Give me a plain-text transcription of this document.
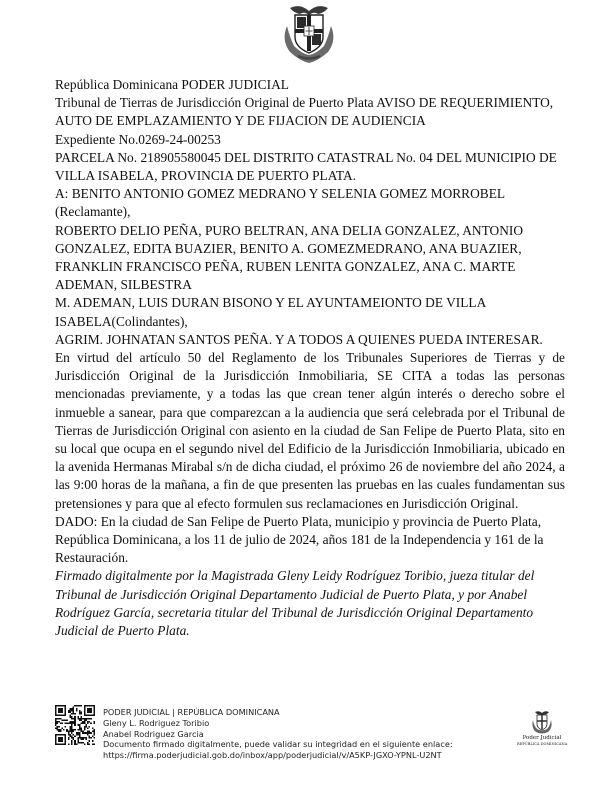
República Dominicana PODER JUDICIAL

Tribunal de Tierras de Jurisdicción Original de Puerto Plata AVISO DE REQUERIMIENTO, AUTO DE EMPLAZAMIENTO Y DE FIJACION DE AUDIENCIA

Expediente No.0269-24-00253

PARCELA No. 218905580045 DEL DISTRITO CATASTRAL No. 04 DEL MUNICIPIO DE VILLA ISABELA, PROVINCIA DE PUERTO PLATA.

A: BENITO ANTONIO GOMEZ MEDRANO Y SELENIA GOMEZ MORROBEL (Reclamante),

ROBERTO DELIO PEÑA, PURO BELTRAN, ANA DELIA GONZALEZ, ANTONIO GONZALEZ, EDITA BUAZIER, BENITO A. GOMEZMEDRANO, ANA BUAZIER, FRANKLIN FRANCISCO PEÑA, RUBEN LENITA GONZALEZ, ANA C. MARTE ADEMAN, SILBESTRA

M. ADEMAN, LUIS DURAN BISONO Y EL AYUNTAMEIONTO DE VILLA ISABELA(Colindantes),

AGRIM. JOHNATAN SANTOS PEÑA. Y A TODOS A QUIENES PUEDA INTERESAR.

En virtud del artículo 50 del Reglamento de los Tribunales Superiores de Tierras y de Jurisdicción Original de la Jurisdicción Inmobiliaria, SE CITA a todas las personas mencionadas previamente, y a todas las que crean tener algún interés o derecho sobre el inmueble a sanear, para que comparezcan a la audiencia que será celebrada por el Tribunal de Tierras de Jurisdicción Original con asiento en la ciudad de San Felipe de Puerto Plata, sito en su local que ocupa en el segundo nivel del Edificio de la Jurisdicción Inmobiliaria, ubicado en la avenida Hermanas Mirabal s/n de dicha ciudad, el próximo 26 de noviembre del año 2024, a las 9:00 horas de la mañana, a fin de que presenten las pruebas en las cuales fundamentan sus pretensiones y para que al efecto formulen sus reclamaciones en Jurisdicción Original.

DADO: En la ciudad de San Felipe de Puerto Plata, municipio y provincia de Puerto Plata, República Dominicana, a los 11 de julio de 2024, años 181 de la Independencia y 161 de la Restauración.

Firmado digitalmente por la Magistrada Gleny Leidy Rodríguez Toribio, jueza titular del Tribunal de Jurisdicción Original Departamento Judicial de Puerto Plata, y por Anabel Rodríguez García, secretaria titular del Tribunal de Jurisdicción Original Departamento Judicial de Puerto Plata.

PODER JUDICIAL | REPÚBLICA DOMINICANA
Gleny L. Rodriguez Toribio
Anabel Rodriguez Garcia
Documento firmado digitalmente, puede validar su integridad en el siguiente enlace:
https://firma.poderjudicial.gob.do/inbox/app/poderjudicial/v/A5KP-JGXO-YPNL-U2NT
Poder Judicial
REPÚBLICA DOMINICANA
